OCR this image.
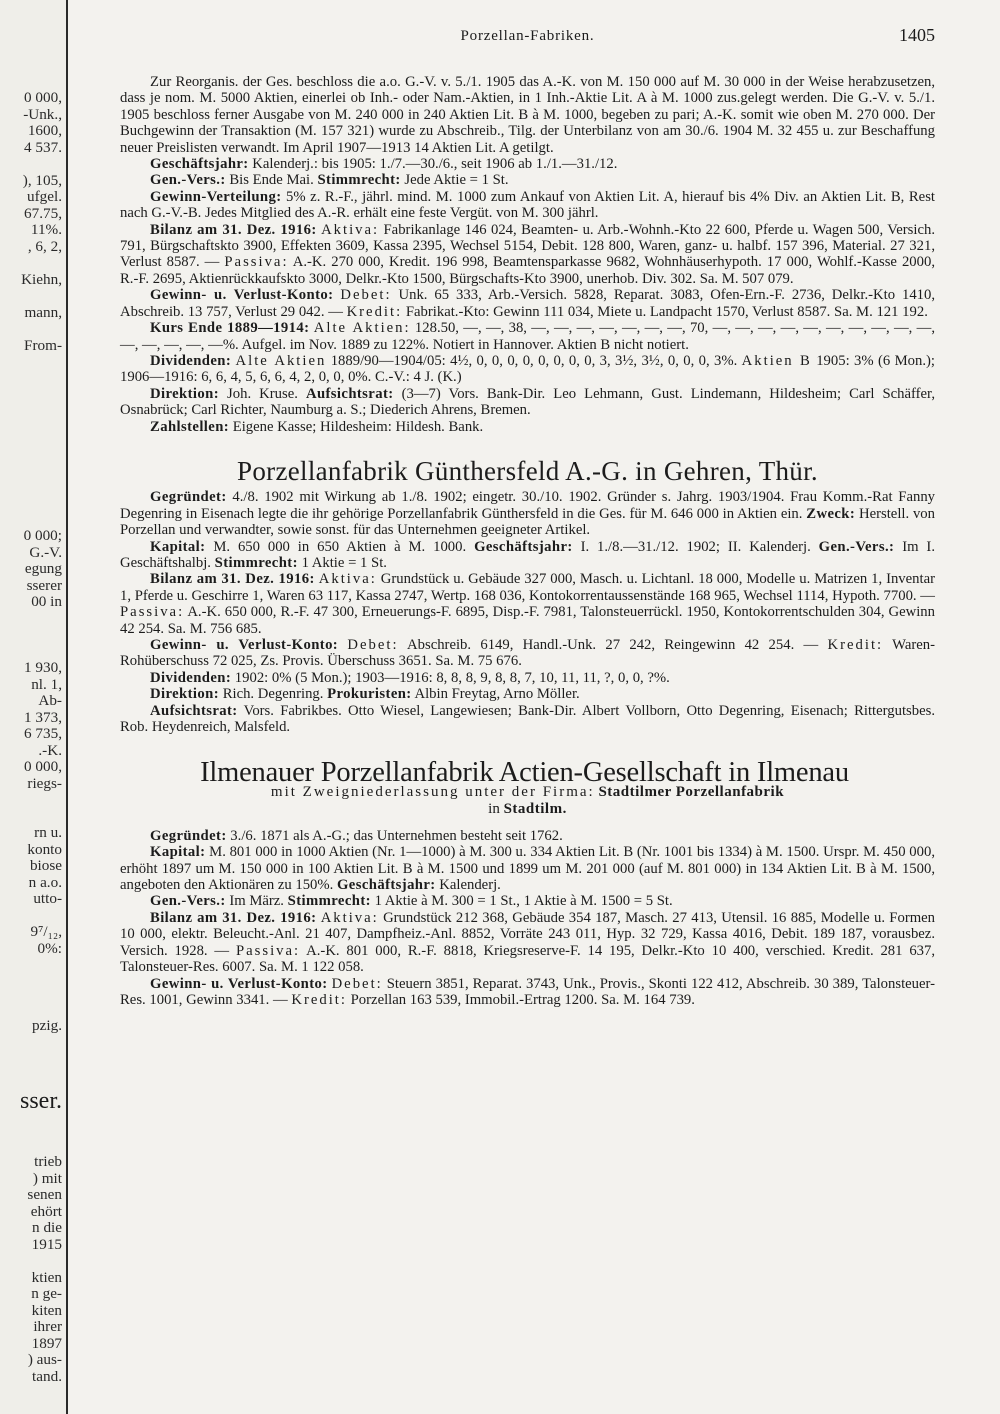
0 000,
-Unk.,
1600,
4 537.

), 105,
ufgel.
67.75,
11%.
, 6, 2,

Kiehn,

mann,

From-
0 000;
G.-V.
egung
sserer
00 in

1 930,
nl. 1,
Ab-
1 373,
6 735,
.-K.
0 000,
riegs-

rn u.
konto
biose
n a.o.
utto-

9⁷/₁₂,
0%:
pzig.
sser.
trieb
) mit
senen
ehört
n die
1915

ktien
n ge-
kiten
ihrer
1897
) aus-
tand.
Porzellan-Fabriken.	1405

Zur Reorganis. der Ges. beschloss die a.o. G.-V. v. 5./1. 1905 das A.-K. von M. 150 000 auf M. 30 000 in der Weise herabzusetzen, dass je nom. M. 5000 Aktien, einerlei ob Inh.- oder Nam.-Aktien, in 1 Inh.-Aktie Lit. A à M. 1000 zus.gelegt werden. Die G.-V. v. 5./1. 1905 beschloss ferner Ausgabe von M. 240 000 in 240 Aktien Lit. B à M. 1000, begeben zu pari; A.-K. somit wie oben M. 270 000. Der Buchgewinn der Transaktion (M. 157 321) wurde zu Abschreib., Tilg. der Unterbilanz von am 30./6. 1904 M. 32 455 u. zur Beschaffung neuer Preislisten verwandt. Im April 1907—1913 14 Aktien Lit. A getilgt.

Geschäftsjahr: Kalenderj.: bis 1905: 1./7.—30./6., seit 1906 ab 1./1.—31./12.

Gen.-Vers.: Bis Ende Mai. Stimmrecht: Jede Aktie = 1 St.

Gewinn-Verteilung: 5% z. R.-F., jährl. mind. M. 1000 zum Ankauf von Aktien Lit. A, hierauf bis 4% Div. an Aktien Lit. B, Rest nach G.-V.-B. Jedes Mitglied des A.-R. erhält eine feste Vergüt. von M. 300 jährl.

Bilanz am 31. Dez. 1916: Aktiva: Fabrikanlage 146 024, Beamten- u. Arb.-Wohnh.-Kto 22 600, Pferde u. Wagen 500, Versich. 791, Bürgschaftskto 3900, Effekten 3609, Kassa 2395, Wechsel 5154, Debit. 128 800, Waren, ganz- u. halbf. 157 396, Material. 27 321, Verlust 8587. — Passiva: A.-K. 270 000, Kredit. 196 998, Beamtensparkasse 9682, Wohnhäuserhypoth. 17 000, Wohlf.-Kasse 2000, R.-F. 2695, Aktienrückkaufskto 3000, Delkr.-Kto 1500, Bürgschafts-Kto 3900, unerhob. Div. 302. Sa. M. 507 079.

Gewinn- u. Verlust-Konto: Debet: Unk. 65 333, Arb.-Versich. 5828, Reparat. 3083, Ofen-Ern.-F. 2736, Delkr.-Kto 1410, Abschreib. 13 757, Verlust 29 042. — Kredit: Fabrikat.-Kto: Gewinn 111 034, Miete u. Landpacht 1570, Verlust 8587. Sa. M. 121 192.

Kurs Ende 1889—1914: Alte Aktien: 128.50, —, —, 38, —, —, —, —, —, —, —, 70, —, —, —, —, —, —, —, —, —, —, —, —, —, —, —%. Aufgel. im Nov. 1889 zu 122%. Notiert in Hannover. Aktien B nicht notiert.

Dividenden: Alte Aktien 1889/90—1904/05: 4½, 0, 0, 0, 0, 0, 0, 0, 0, 3, 3½, 3½, 0, 0, 0, 3%. Aktien B 1905: 3% (6 Mon.); 1906—1916: 6, 6, 4, 5, 6, 6, 4, 2, 0, 0, 0%. C.-V.: 4 J. (K.)

Direktion: Joh. Kruse. Aufsichtsrat: (3—7) Vors. Bank-Dir. Leo Lehmann, Gust. Lindemann, Hildesheim; Carl Schäffer, Osnabrück; Carl Richter, Naumburg a. S.; Diederich Ahrens, Bremen.

Zahlstellen: Eigene Kasse; Hildesheim: Hildesh. Bank.

Porzellanfabrik Günthersfeld A.-G. in Gehren, Thür.

Gegründet: 4./8. 1902 mit Wirkung ab 1./8. 1902; eingetr. 30./10. 1902. Gründer s. Jahrg. 1903/1904. Frau Komm.-Rat Fanny Degenring in Eisenach legte die ihr gehörige Porzellanfabrik Günthersfeld in die Ges. für M. 646 000 in Aktien ein. Zweck: Herstell. von Porzellan und verwandter, sowie sonst. für das Unternehmen geeigneter Artikel.

Kapital: M. 650 000 in 650 Aktien à M. 1000. Geschäftsjahr: I. 1./8.—31./12. 1902; II. Kalenderj. Gen.-Vers.: Im I. Geschäftshalbj. Stimmrecht: 1 Aktie = 1 St.

Bilanz am 31. Dez. 1916: Aktiva: Grundstück u. Gebäude 327 000, Masch. u. Lichtanl. 18 000, Modelle u. Matrizen 1, Inventar 1, Pferde u. Geschirre 1, Waren 63 117, Kassa 2747, Wertp. 168 036, Kontokorrentaussenstände 168 965, Wechsel 1114, Hypoth. 7700. — Passiva: A.-K. 650 000, R.-F. 47 300, Erneuerungs-F. 6895, Disp.-F. 7981, Talonsteuerrückl. 1950, Kontokorrentschulden 304, Gewinn 42 254. Sa. M. 756 685.

Gewinn- u. Verlust-Konto: Debet: Abschreib. 6149, Handl.-Unk. 27 242, Reingewinn 42 254. — Kredit: Waren-Rohüberschuss 72 025, Zs. Provis. Überschuss 3651. Sa. M. 75 676.

Dividenden: 1902: 0% (5 Mon.); 1903—1916: 8, 8, 8, 9, 8, 8, 7, 10, 11, 11, ?, 0, 0, ?%.

Direktion: Rich. Degenring. Prokuristen: Albin Freytag, Arno Möller.

Aufsichtsrat: Vors. Fabrikbes. Otto Wiesel, Langewiesen; Bank-Dir. Albert Vollborn, Otto Degenring, Eisenach; Rittergutsbes. Rob. Heydenreich, Malsfeld.

Ilmenauer Porzellanfabrik Actien-Gesellschaft in Ilmenau
mit Zweigniederlassung unter der Firma: Stadtilmer Porzellanfabrik
in Stadtilm.

Gegründet: 3./6. 1871 als A.-G.; das Unternehmen besteht seit 1762.

Kapital: M. 801 000 in 1000 Aktien (Nr. 1—1000) à M. 300 u. 334 Aktien Lit. B (Nr. 1001 bis 1334) à M. 1500. Urspr. M. 450 000, erhöht 1897 um M. 150 000 in 100 Aktien Lit. B à M. 1500 und 1899 um M. 201 000 (auf M. 801 000) in 134 Aktien Lit. B à M. 1500, angeboten den Aktionären zu 150%. Geschäftsjahr: Kalenderj.

Gen.-Vers.: Im März. Stimmrecht: 1 Aktie à M. 300 = 1 St., 1 Aktie à M. 1500 = 5 St.

Bilanz am 31. Dez. 1916: Aktiva: Grundstück 212 368, Gebäude 354 187, Masch. 27 413, Utensil. 16 885, Modelle u. Formen 10 000, elektr. Beleucht.-Anl. 21 407, Dampfheiz.-Anl. 8852, Vorräte 243 011, Hyp. 32 729, Kassa 4016, Debit. 189 187, vorausbez. Versich. 1928. — Passiva: A.-K. 801 000, R.-F. 8818, Kriegsreserve-F. 14 195, Delkr.-Kto 10 400, verschied. Kredit. 281 637, Talonsteuer-Res. 6007. Sa. M. 1 122 058.

Gewinn- u. Verlust-Konto: Debet: Steuern 3851, Reparat. 3743, Unk., Provis., Skonti 122 412, Abschreib. 30 389, Talonsteuer-Res. 1001, Gewinn 3341. — Kredit: Porzellan 163 539, Immobil.-Ertrag 1200. Sa. M. 164 739.
